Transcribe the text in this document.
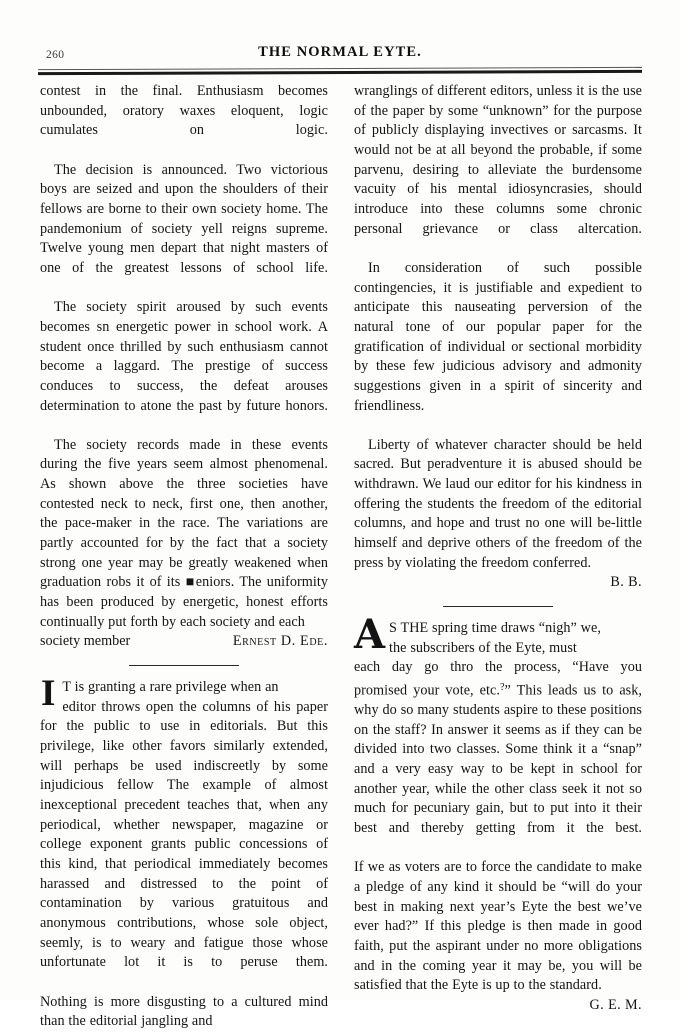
260	THE NORMAL EYTE.

contest in the final. Enthusiasm becomes unbounded, oratory waxes eloquent, logic cumulates on logic.

The decision is announced. Two victorious boys are seized and upon the shoulders of their fellows are borne to their own society home. The pandemonium of society yell reigns supreme. Twelve young men depart that night masters of one of the greatest lessons of school life.

The society spirit aroused by such events becomes sn energetic power in school work. A student once thrilled by such enthusiasm cannot become a laggard. The prestige of success conduces to success, the defeat arouses determination to atone the past by future honors.

The society records made in these events during the five years seem almost phenomenal. As shown above the three societies have contested neck to neck, first one, then another, the pace-maker in the race. The variations are partly accounted for by the fact that a society strong one year may be greatly weakened when graduation robs it of its ■eniors. The uniformity has been produced by energetic, honest efforts continually put forth by each society and each

society member	Ernest D. Ede.
I T is granting a rare privilege when an

editor throws open the columns of his paper for the public to use in editorials. But this privilege, like other favors similarly extended, will perhaps be used indiscreetly by some injudicious fellow The example of almost inexceptional precedent teaches that, when any periodical, whether newspaper, magazine or college exponent grants public concessions of this kind, that periodical immediately becomes harassed and distressed to the point of contamination by various gratuitous and anonymous contributions, whose sole object, seemly, is to weary and fatigue those whose unfortunate lot it is to peruse them.

Nothing is more disgusting to a cultured mind than the editorial jangling and

wranglings of different editors, unless it is the use of the paper by some “unknown” for the purpose of publicly displaying invectives or sarcasms. It would not be at all beyond the probable, if some parvenu, desiring to alleviate the burdensome vacuity of his mental idiosyncrasies, should introduce into these columns some chronic personal grievance or class altercation.

In consideration of such possible contingencies, it is justifiable and expedient to anticipate this nauseating perversion of the natural tone of our popular paper for the gratification of individual or sectional morbidity by these few judicious advisory and admonity suggestions given in a spirit of sincerity and friendliness.

Liberty of whatever character should be held sacred. But peradventure it is abused should be withdrawn. We laud our editor for his kindness in offering the students the freedom of the editorial columns, and hope and trust no one will be-little himself and deprive others of the freedom of the press by violating the freedom conferred.

B. B.

A S THE spring time draws “nigh” we,

the subscribers of the Eyte, must

each day go thro the process, “Have you promised your vote, etc.?” This leads us to ask, why do so many students aspire to these positions on the staff? In answer it seems as if they can be divided into two classes. Some think it a “snap” and a very easy way to be kept in school for another year, while the other class seek it not so much for pecuniary gain, but to put into it their best and thereby getting from it the best.

If we as voters are to force the candidate to make a pledge of any kind it should be “will do your best in making next year’s Eyte the best we’ve ever had?” If this pledge is then made in good faith, put the aspirant under no more obligations and in the coming year it may be, you will be satisfied that the Eyte is up to the standard.

G. E. M.
